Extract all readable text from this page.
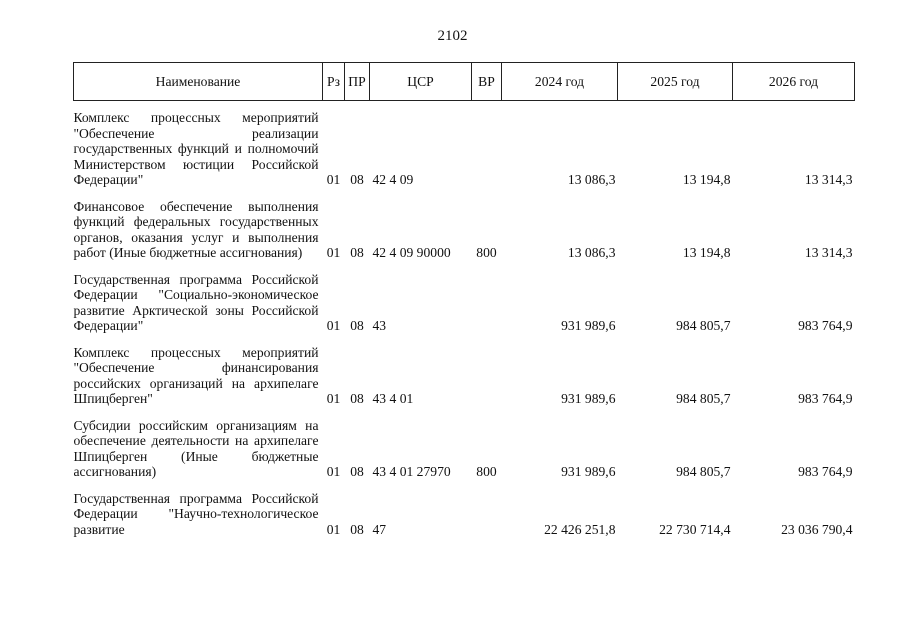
2102
Наименование	Рз	ПР	ЦСР	ВР	2024 год	2025 год	2026 год
Комплекс процессных мероприятий "Обеспечение реализации государственных функций и полномочий Министерством юстиции Российской Федерации"	01	08	42 4 09		13 086,3	13 194,8	13 314,3
Финансовое обеспечение выполнения функций федеральных государственных органов, оказания услуг и выполнения работ (Иные бюджетные ассигнования)	01	08	42 4 09 90000	800	13 086,3	13 194,8	13 314,3
Государственная программа Российской Федерации "Социально-экономическое развитие Арктической зоны Российской Федерации"	01	08	43		931 989,6	984 805,7	983 764,9
Комплекс процессных мероприятий "Обеспечение финансирования российских организаций на архипелаге Шпицберген"	01	08	43 4 01		931 989,6	984 805,7	983 764,9
Субсидии российским организациям на обеспечение деятельности на архипелаге Шпицберген (Иные бюджетные ассигнования)	01	08	43 4 01 27970	800	931 989,6	984 805,7	983 764,9
Государственная программа Российской Федерации "Научно-технологическое развитие	01	08	47		22 426 251,8	22 730 714,4	23 036 790,4
